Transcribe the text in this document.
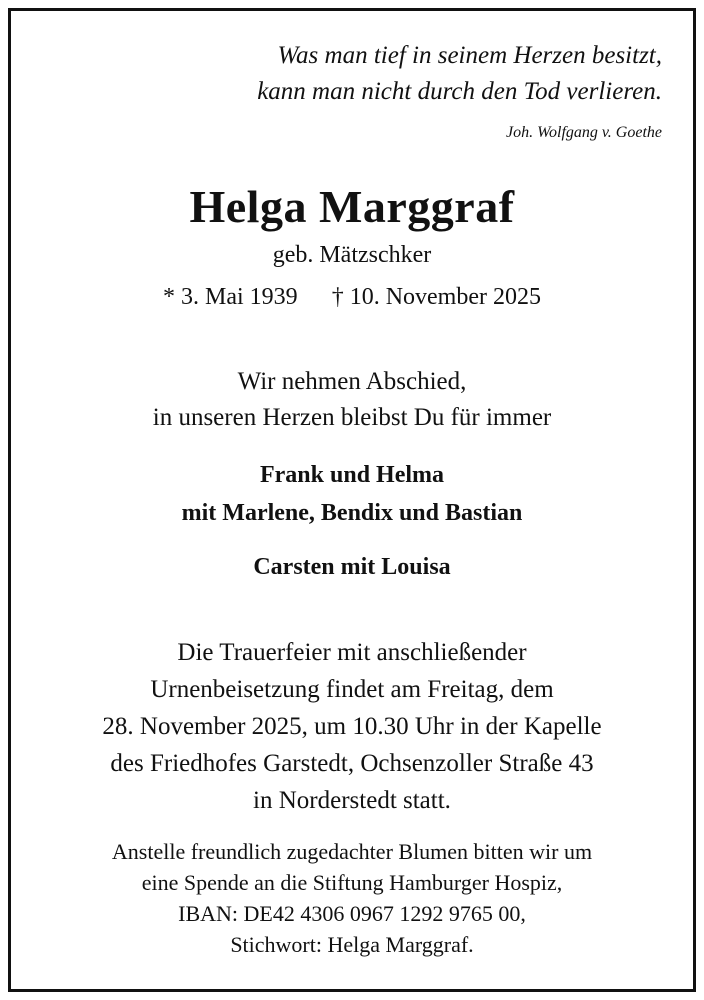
Was man tief in seinem Herzen besitzt,
kann man nicht durch den Tod verlieren.
Joh. Wolfgang v. Goethe
Helga Marggraf
geb. Mätzschker
* 3. Mai 1939 † 10. November 2025
Wir nehmen Abschied,
in unseren Herzen bleibst Du für immer
Frank und Helma
mit Marlene, Bendix und Bastian
Carsten mit Louisa
Die Trauerfeier mit anschließender
Urnenbeisetzung findet am Freitag, dem
28. November 2025, um 10.30 Uhr in der Kapelle
des Friedhofes Garstedt, Ochsenzoller Straße 43
in Norderstedt statt.
Anstelle freundlich zugedachter Blumen bitten wir um
eine Spende an die Stiftung Hamburger Hospiz,
IBAN: DE42 4306 0967 1292 9765 00,
Stichwort: Helga Marggraf.
